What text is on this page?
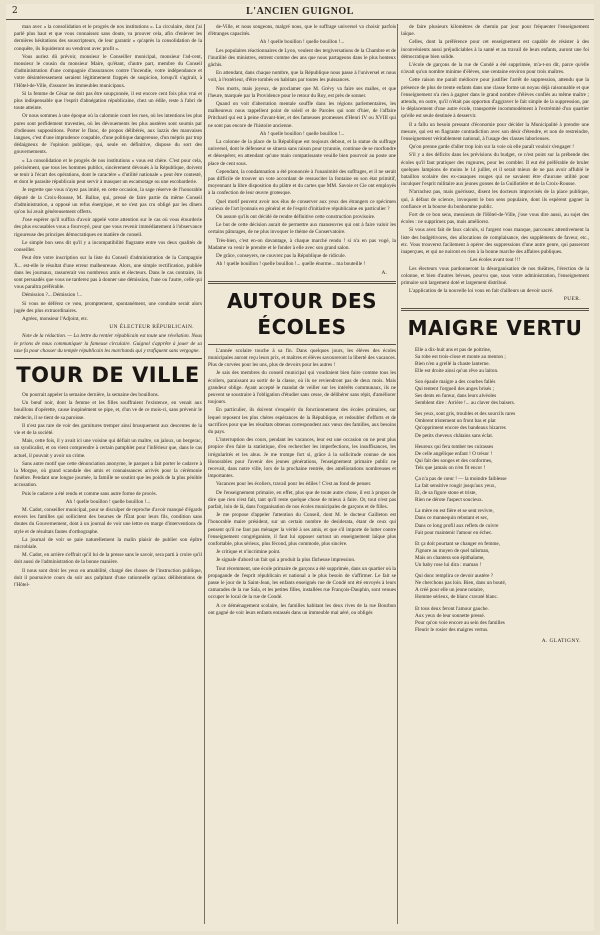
2	L'ANCIEN GUIGNOL

man avec « la consolidation et le progrès de nos institutions ». La circulaire, dont j'ai parlé plus haut et que vous connaissez sans doute, va prouver cela, afin d'enlever les dernières hésitations des souscripteurs, de leur garantir « qu'après la consolidation de la conquête, ils liquideront ou vendront avec profit ».

Vous auriez dû prévoir, monsieur le Conseiller municipal, monsieur l'ad-cent, monsieur le cousin du monsieur Maire, qu'étant, d'autre part, membre du Conseil d'administration d'une compagnie d'assurances contre l'incendie, votre indépendance et votre désintéressement seraient légitimement frappés de suspicion, lorsqu'il s'agirait, à l'Hôtel-de-Ville, d'assurer les immeubles municipaux.

Si la femme de César ne doit pas être soupçonnée, il est encore cent fois plus vrai et plus indispensable que l'esprit d'abnégation républicaine, chez un édile, reste à l'abri de toute atteinte.

Or nous sommes à une époque où la calomnie court les rues, où les intentions les plus pures sont perfidement travesties, où les dévouements les plus austères sont soumis par d'odieuses suppositions. Porter le flanc, de propos délibérés, aux lazzis des mauvaises langues, c'est d'une imprudence coupable, d'une politique dangereuse, d'un mépris par trop dédaigneux de l'opinion publique, qui, seule en définitive, dispose du sort des gouvernements.

« La consolidation et le progrès de nos institutions » vous est chère. C'est pour cela, précisément, que tous les hommes publics, sincèrement dévoués à la République, doivent se tenir à l'écart des opérations, dont le caractère « d'utilité nationale » peut être contesté, et dont le parasite républicain peut servir à masquer un escamotage ou une escobarderie.

Je regrette que vous n'ayez pas imité, en cette occasion, la sage réserve de l'honorable député de la Croix-Rousse, M. Ballue, qui, pressé de faire partie du même Conseil d'administration, a opposé un refus énergique, et ne s'est pas cru obligé par les dîners qu'on lui avait généreusement offerts.

J'ose espérer qu'il suffira d'avoir appelé votre attention sur le cas où vous étourderie des plus excusables vous a fourvoyé, pour que vous revenir immédiatement à l'observance rigoureuse des principes démocratiques en matière de conseil.

Le simple bon sens dit qu'il y a incompatibilité flagrante entre vos deux qualités de conseiller.

Peut être votre inscription sur la liste du Conseil d'administration de la Compagnie X... est-elle le résultat d'une erreur malheureuse. Alors, une simple rectification, publiée dans les journaux, rassurerait vos nombreux amis et électeurs. Dans le cas contraire, ils sont persuadés que vous ne tarderez pas à donner une démission, l'une ou l'autre, celle qui vous paraîtra préférable.

Démission ?... Démission !...

Si vous ne déférez ce vœu, promptement, spontanément, une conduite serait alors jugée des plus extraordinaires.

Agréez, monsieur l'Adjoint, etc.

UN ÉLECTEUR RÉPUBLICAIN.

Note de la rédaction. — La lettre du rentier républicain est toute une révélation. Nous le prions de nous communiquer la fameuse circulaire. Guignol s'apprête à jouer de sa taxe fa pour chasser du temple républicain les marchands qui y trafiquent sans vergogne.

TOUR DE VILLE

On pourrait appeler la semaine dernière, la semaine des bouillons.

Un bœuf noir, dont la femme et les filles souffraient l'existence, en venait aux bouillons d'opérette, cause inopinément se pipe, et, d'un ve de ce mois-ci, sans prévenir le médecin, il se tient de sa paroisse.

Il n'est pas rare de voir des garnitures tremper ainsi brusquement aux descentes de la vie et de la société.

Mais, cette fois, il y avait ici une voisine qui défiait un maître, un jaloux, un bergerac, un syndicalist, et on vient comprendre à certain pamphlet pour l'inférieur que, dans le cas actuel, il pouvait y avoir un crime.

Sans autre motif que cette dénonciation anonyme, le parquet a fait porter le cadavre à la Morgue, où grand scandale des amis et connaissances arrivés pour la cérémonie funèbre. Pendant une longue journée, la famille ne soutint que les poids de la plus pénible accusation.

Puis le cadavre a été rendu et comme sans autre forme de procès.

Ah ! quelle bouillon ! quelle bouillon !...

M. Cadot, conseiller municipal, pour se disculper de reproche d'avoir manqué d'égards envers les familles qui sollicitent des bourses de l'État pour leurs fils, condition sans doutes du Gouvernement, dont à un journal de voir une lettre en marge d'interventions de style et de résultats fautes d'orthographe.

La journal de voir se paie naturellement la malin plaisir de publier son épître microbiale.

M. Cadot, en arrière s'effrait qu'il lui de la presse sans le savoir, sera parti à croire qu'il doit aussi de l'administration de la bonne manière.

Il nous sont droit les yeux en amabilité, chargé des choses de l'instruction publique, doit il poursuivre cours du soir aux palpitant d'une rationnelle qu'aux délibérations de l'Hôtel-

de-Ville, et nous songeons, malgré nous, que le suffrage universel va choisir parfois d'étranges capacités.

Ah ! quelle bouillon ! quelle bouillon !...

Les populaires réactionnaires de Lyon, veulent des tergiversations de la Chambre et de l'inutilité des ministres, entrent comme des ans que nous partageons dans le plus honteux gâchis.

En attendant, dans chaque nombre, que la République nous passe à l'universel et nous voit, à l'extérieur, d'être tombés en habitats par toutes les puissances.

Nos morts, mais joyeux, de proclamer que M. Grévy va faire ses malles, et que l'heure, marquée par la Providence pour le retour du Roy, est près de sonner.

Quand on voit d'aberration mentale souffle dans les régions parlementaires, les malheureux nous rappellent point de soleil et de Paroles qui sont d'hier, de l'affaire Pritchard qui est à peine d'avant-hier, et des fameuses promesses d'Henri IV ou XVIII qui ne sont pas encore de l'histoire ancienne.

Ah ! quelle bouillon ! quelle bouillon !...

La colonne de la place de la République est toujours debout, et la statue du suffrage universel, dont le défenseur se situera sans raison pour tyrannie, continue de se morfondre et désespérer, en attendant qu'une main compatissante veuille bien pourvoir au poste une place de cent sous.

Cependant, la condamnation a été prononcée à l'unanimité des suffrages, et il ne serait pas difficile de trouver un vote accordant de ressusciter la fontaine en son état primitif, moyennant la libre disposition du plâtre et du cartes que MM. Savoie et Cie ont employés à la confection de leur œuvre grotesque.

Quel motif peuvent avoir nos élus de conserver aux yeux des étrangers ce spécimen curieux de l'art lyonnais en général et de l'esprit d'initiative républicaine en particulier ?

On assure qu'ils ont décidé de rendre définitive cette construction provisoire.

Le but de cette décision aurait de permettre aux manœuvres qui ont à faire valoir les certains pâturages, de ne plus invoquer le thème de Conservatoire.

Très-bien, c'est en-on davantage, à chaque marché rendu ! si n'a en pas vogé, la Madame va venir le prendre et le fonder à elle avec son grand salon.

De grâce, conseyers, ne couvrez pas la République de ridicule.

Ah ! quelle bouillon ! quelle bouillon !... quelle énorme... ma bouteille !

A.
AUTOUR DES ÉCOLES

L'année scolaire touche à sa fin. Dans quelques jours, les élèves des écoles municipales auront reçu leurs prix, et maîtres et élèves savoureront la liberté des vacances. Plus de corvées pour les uns, plus de devoirs pour les autres !

Je sais des membres du conseil municipal qui voudraient bien faire comme tous les écoliers, paraissant au sortir de la classe, où ils ne reviendront pas de deux mois. Mais grandeur oblige. Ayant accepté le mandat de veiller sur les intérêts communaux, ils ne peuvent se soustraire à l'obligation d'étudier sans cesse, de délibérer sans répit, d'améliorer toujours.

En particulier, ils doivent s'enquérir du fonctionnement des écoles primaires, sur lequel reposent les plus chères espérances de la République, et redoubler d'efforts et de sacrifices pour que les résultats obtenus correspondent aux vœux des familles, aux besoins du pays.

L'interruption des cours, pendant les vacances, leur est une occasion on ne peut plus propice d'en faire la statistique, d'en rechercher les imperfections, les insuffisances, les irrégularités et les abus. Je me trompe fort si, grâce à la sollicitude connue de nos Honorables pour l'avenir des jeunes générations, l'enseignement primaire public ne recevait, dans notre ville, lors de la prochaine rentrée, des améliorations nombreuses et importantes.

Vacances pour les écoliers, travail pour les édiles ! C'est au fond de penser.

De l'enseignement primaire, en effet, plus que de toute autre chose, il est à propos de dire que rien n'est fait, tant qu'il reste quelque chose de mieux à faire. Or, tout n'est pas parfait, loin de là, dans l'organisation de nos écoles municipales de garçons et de filles.

Je me propose d'appeler l'attention du Conseil, dont M. le docteur Gailleton est l'honorable maire président, sur un certain nombre de desiderata, étant de ceux qui pensent qu'il ne faut pas ménager la vérité à ses amis, et que s'il importe de lutter contre l'enseignement congréganiste, il faut lui opposer surtout un enseignement laïque plus confortable, plus sérieux, plus fécond, plus commode, plus sincère.

Je critique et n'incrimine point.

Je signale d'abord un fait qui a produit la plus fâcheuse impression.

Tout récemment, une école primaire de garçons a été supprimée, dans un quartier où la propagande de l'esprit républicain et national a le plus besoin de s'affirmer. Le fait se passe le jour de la Saint-Jean, les enfants enseignés rue de Condé ont été envoyés à leurs camarades de la rue Sala, et les petites filles, installées rue François-Dauphin, sont venues occuper le local de la rue de Condé.

A ce déménagement scolaire, les familles habitant les deux rives de la rue Bourbon ont gagné de voir leurs enfants entassés dans un immeuble mal aéré, ou obligés

de faire plusieurs kilomètres de chemin par jour pour fréquenter l'enseignement laïque.

Celles, dont la préférence pour cet enseignement est capable de résister à des inconvénients aussi préjudiciables à la santé et au travail de leurs enfants, auront une foi démocratique bien solide.

L'école de garçons de la rue de Condé a été supprimée, m'a-t-on dit, parce qu'elle n'avait qu'un nombre minime d'élèves, une centaine environ pour trois maîtres.

Cette raison me paraît médiocre pour justifier l'arrêt de suppression, attendu que la présence de plus de trente enfants dans une classe forme un noyau déjà raisonnable et que l'enseignement n'a rien à gagner dans le grand nombre d'élèves confiés au même maître ; attendu, en outre, qu'il n'était pas opportun d'aggraver le fait simple de la suppression, par le déplacement d'une autre école, transportée incommodément à l'extrémité d'un quartier qu'elle est seule destinée à desservir.

Il a fallu un besoin pressant d'économie pour décider la Municipalité à prendre une mesure, qui est en flagrante contradiction avec son désir d'étendre, et non de restreindre, l'enseignement véritablement national, à l'usage des classes laborieuses.

Qu'on prenne garde d'aller trop loin sur la voie où elle paraît vouloir s'engager !

S'il y a des déficits dans les prévisions du budget, ce n'est point sur la prébende des écoles qu'il faut pratiquer des rognures, pour les combler. Il eut été préférable de bruler quelques lampions de moins le 14 juillet, et il serait mieux de ne pas avoir affublé le bataillon scolaire des ex-casaques rouges qui ne savaient être d'aucune utilité pour inculquer l'esprit militaire aux jeunes gonses de la Guillotière et de la Croix-Rousse.

N'arrachez pas, mais guérissez, disent les docteurs improvisés de la place publique, qui, à défaut de science, invoquent le bon sens populaire, dont ils espèrent gagner la confiance et la bourse du bonhomme public.

Fort de ce bon sens, messieurs de l'Hôtel-de-Ville, j'ose vous dire aussi, au sujet des écoles : ne supprimez pas, mais améliorez.

Si vous avez fait de faux calculs, si l'argent vous manque, parcourez attentivement la liste des budgétivores, des allocations de complaisance, des suppléments de faveur, etc., etc. Vous trouverez facilement à opérer des suppressions d'une autre genre, qui passeront inaperçues, et qui ne nuiront en rien à la bonne marche des affaires publiques.

Les écoles avant tout !!!

Les électeurs vous pardonneront la désorganisation de nos théâtres, l'érection de la colonne, et bien d'autres bévues, pourvu que, sous votre administration, l'enseignement primaire soit largement doté et largement distribué.

L'application de la nouvelle loi vous en fait d'ailleurs un devoir sacré.

PUER.
MAIGRE VERTU
Elle a dix-huit ans et pas de poitrine,
Sa robe est trois-close et monte au menton ;
Bien n'en a grellé la chaste lanterne.
Elle est droite ainsi qu'un rêve au laiton.
Son épaule maigre a des courbes fallés
Qui tentent l'orgueil des anges brisés ;
Ses dents en fureur, dans leurs alvéoles
Semblent dire : Arrière !... au claver des baisers.
Ses yeux, sont gris, troubles et des sourcils rares
Ombrent tristement un front bas et plat
Qu'oppriment encore des bandeaux bizarres
De petits cheveux châtains sans éclat.
Heureux qui fera tomber tes cuirasses
De celle angélique enfant ! O trésor !
Qui fait des songes et des conformes,
Tels que jamais on n'en fit encor !
Ça n'a pas de cœur ! — la moindre faiblesse
La fait sensitive rougir jusqu'aux yeux,
Et, de sa figure stone et triste,
Rien ne dérote l'aspect soucieux.
La mère en est fière et se sent revivre,
Dans ce mannequin rebutant et sec,
Dans ce long profil aux reflets de cuivre
Fait pour maintenir l'amour en échec.
Et ça doit pourtant se changer en femme,
J'ignore au moyen de quel talisman,
Mais on chantera son épithalame,
Un baby rose lui dira : maman !
Qui donc remplira ce devoir austère ?
Ne cherchons pas loin. Bien, dans un bouté,
A créé pour elle un jeune notaire,
Homme sérieux, de blanc cravaté blanc.
Et tous deux feront l'amour gauche.
Aux yeux de leur sonnette pressé.
Pour qu'on voie encore au sein des familles
Fleurir le rosier des maigres vertus.
A. GLATIGNY.
